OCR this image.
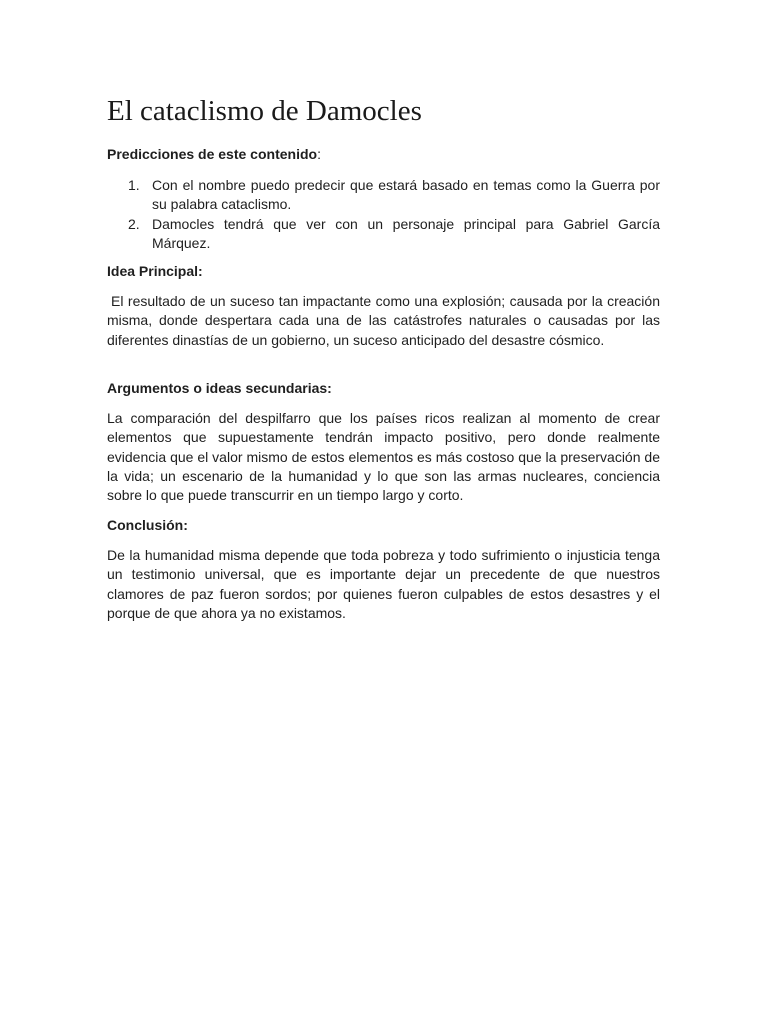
El cataclismo de Damocles

Predicciones de este contenido:

1. Con el nombre puedo predecir que estará basado en temas como la Guerra por su palabra cataclismo.
2. Damocles tendrá que ver con un personaje principal para Gabriel García Márquez.

Idea Principal:

El resultado de un suceso tan impactante como una explosión; causada por la creación misma, donde despertara cada una de las catástrofes naturales o causadas por las diferentes dinastías de un gobierno, un suceso anticipado del desastre cósmico.

Argumentos o ideas secundarias:

La comparación del despilfarro que los países ricos realizan al momento de crear elementos que supuestamente tendrán impacto positivo, pero donde realmente evidencia que el valor mismo de estos elementos es más costoso que la preservación de la vida; un escenario de la humanidad y lo que son las armas nucleares, conciencia sobre lo que puede transcurrir en un tiempo largo y corto.

Conclusión:

De la humanidad misma depende que toda pobreza y todo sufrimiento o injusticia tenga un testimonio universal, que es importante dejar un precedente de que nuestros clamores de paz fueron sordos; por quienes fueron culpables de estos desastres y el porque de que ahora ya no existamos.
